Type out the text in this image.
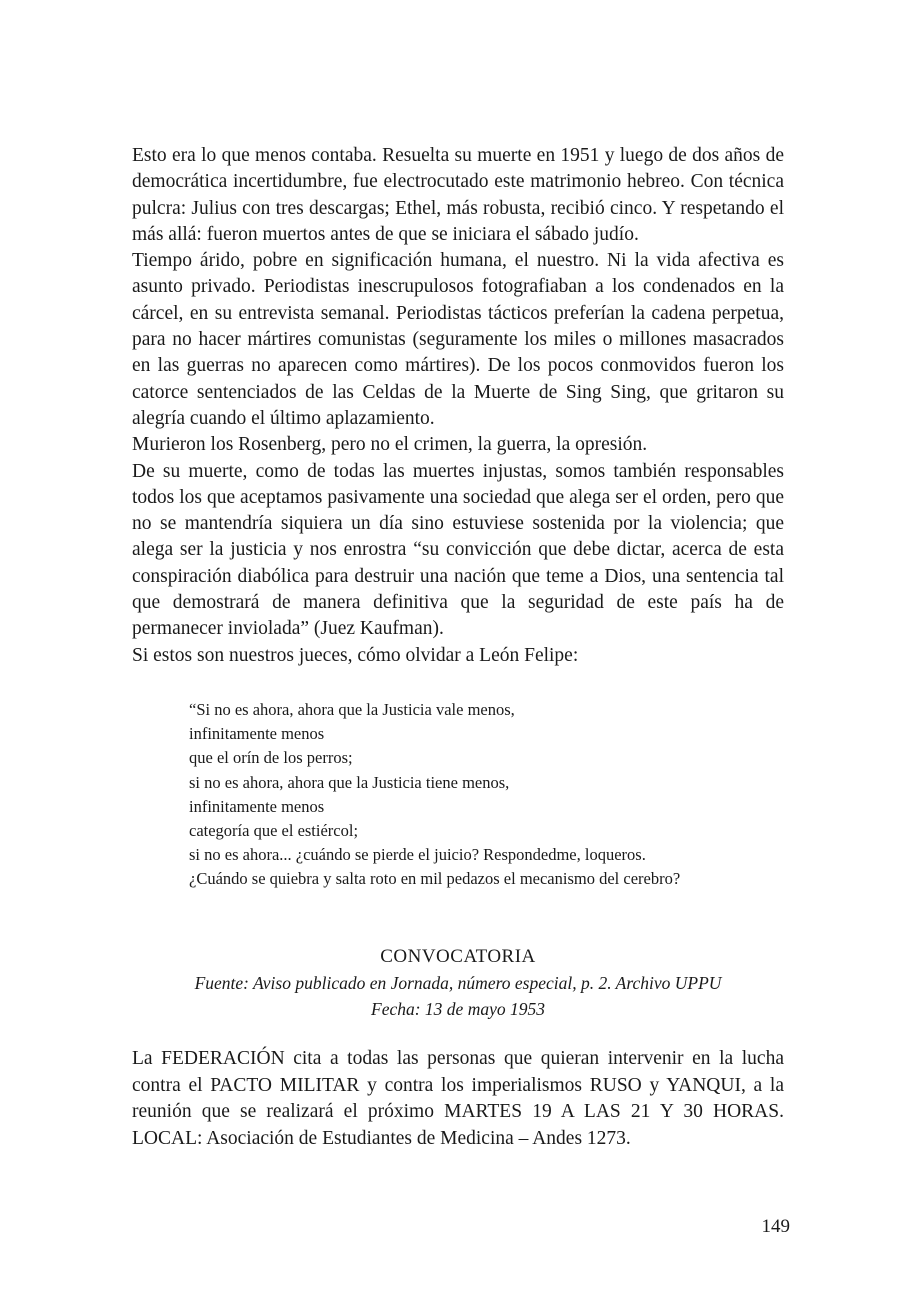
Esto era lo que menos contaba. Resuelta su muerte en 1951 y luego de dos años de democrática incertidumbre, fue electrocutado este matrimonio hebreo. Con técnica pulcra: Julius con tres descargas; Ethel, más robusta, recibió cinco. Y respetando el más allá: fueron muertos antes de que se iniciara el sábado judío.

Tiempo árido, pobre en significación humana, el nuestro. Ni la vida afectiva es asunto privado. Periodistas inescrupulosos fotografiaban a los condenados en la cárcel, en su entrevista semanal. Periodistas tácticos preferían la cadena perpetua, para no hacer mártires comunistas (seguramente los miles o millones masacrados en las guerras no aparecen como mártires). De los pocos conmovidos fueron los catorce sentenciados de las Celdas de la Muerte de Sing Sing, que gritaron su alegría cuando el último aplazamiento.

Murieron los Rosenberg, pero no el crimen, la guerra, la opresión.

De su muerte, como de todas las muertes injustas, somos también responsables todos los que aceptamos pasivamente una sociedad que alega ser el orden, pero que no se mantendría siquiera un día sino estuviese sostenida por la violencia; que alega ser la justicia y nos enrostra “su convicción que debe dictar, acerca de esta conspiración diabólica para destruir una nación que teme a Dios, una sentencia tal que demostrará de manera definitiva que la seguridad de este país ha de permanecer inviolada” (Juez Kaufman).

Si estos son nuestros jueces, cómo olvidar a León Felipe:

“Si no es ahora, ahora que la Justicia vale menos,
infinitamente menos
que el orín de los perros;
si no es ahora, ahora que la Justicia tiene menos,
infinitamente menos
categoría que el estiércol;
si no es ahora... ¿cuándo se pierde el juicio? Respondedme, loqueros.
¿Cuándo se quiebra y salta roto en mil pedazos el mecanismo del cerebro?
CONVOCATORIA
Fuente: Aviso publicado en Jornada, número especial, p. 2. Archivo UPPU
Fecha: 13 de mayo 1953

La FEDERACIÓN cita a todas las personas que quieran intervenir en la lucha contra el PACTO MILITAR y contra los imperialismos RUSO y YANQUI, a la reunión que se realizará el próximo MARTES 19 A LAS 21 Y 30 HORAS. LOCAL: Asociación de Estudiantes de Medicina – Andes 1273.

149
